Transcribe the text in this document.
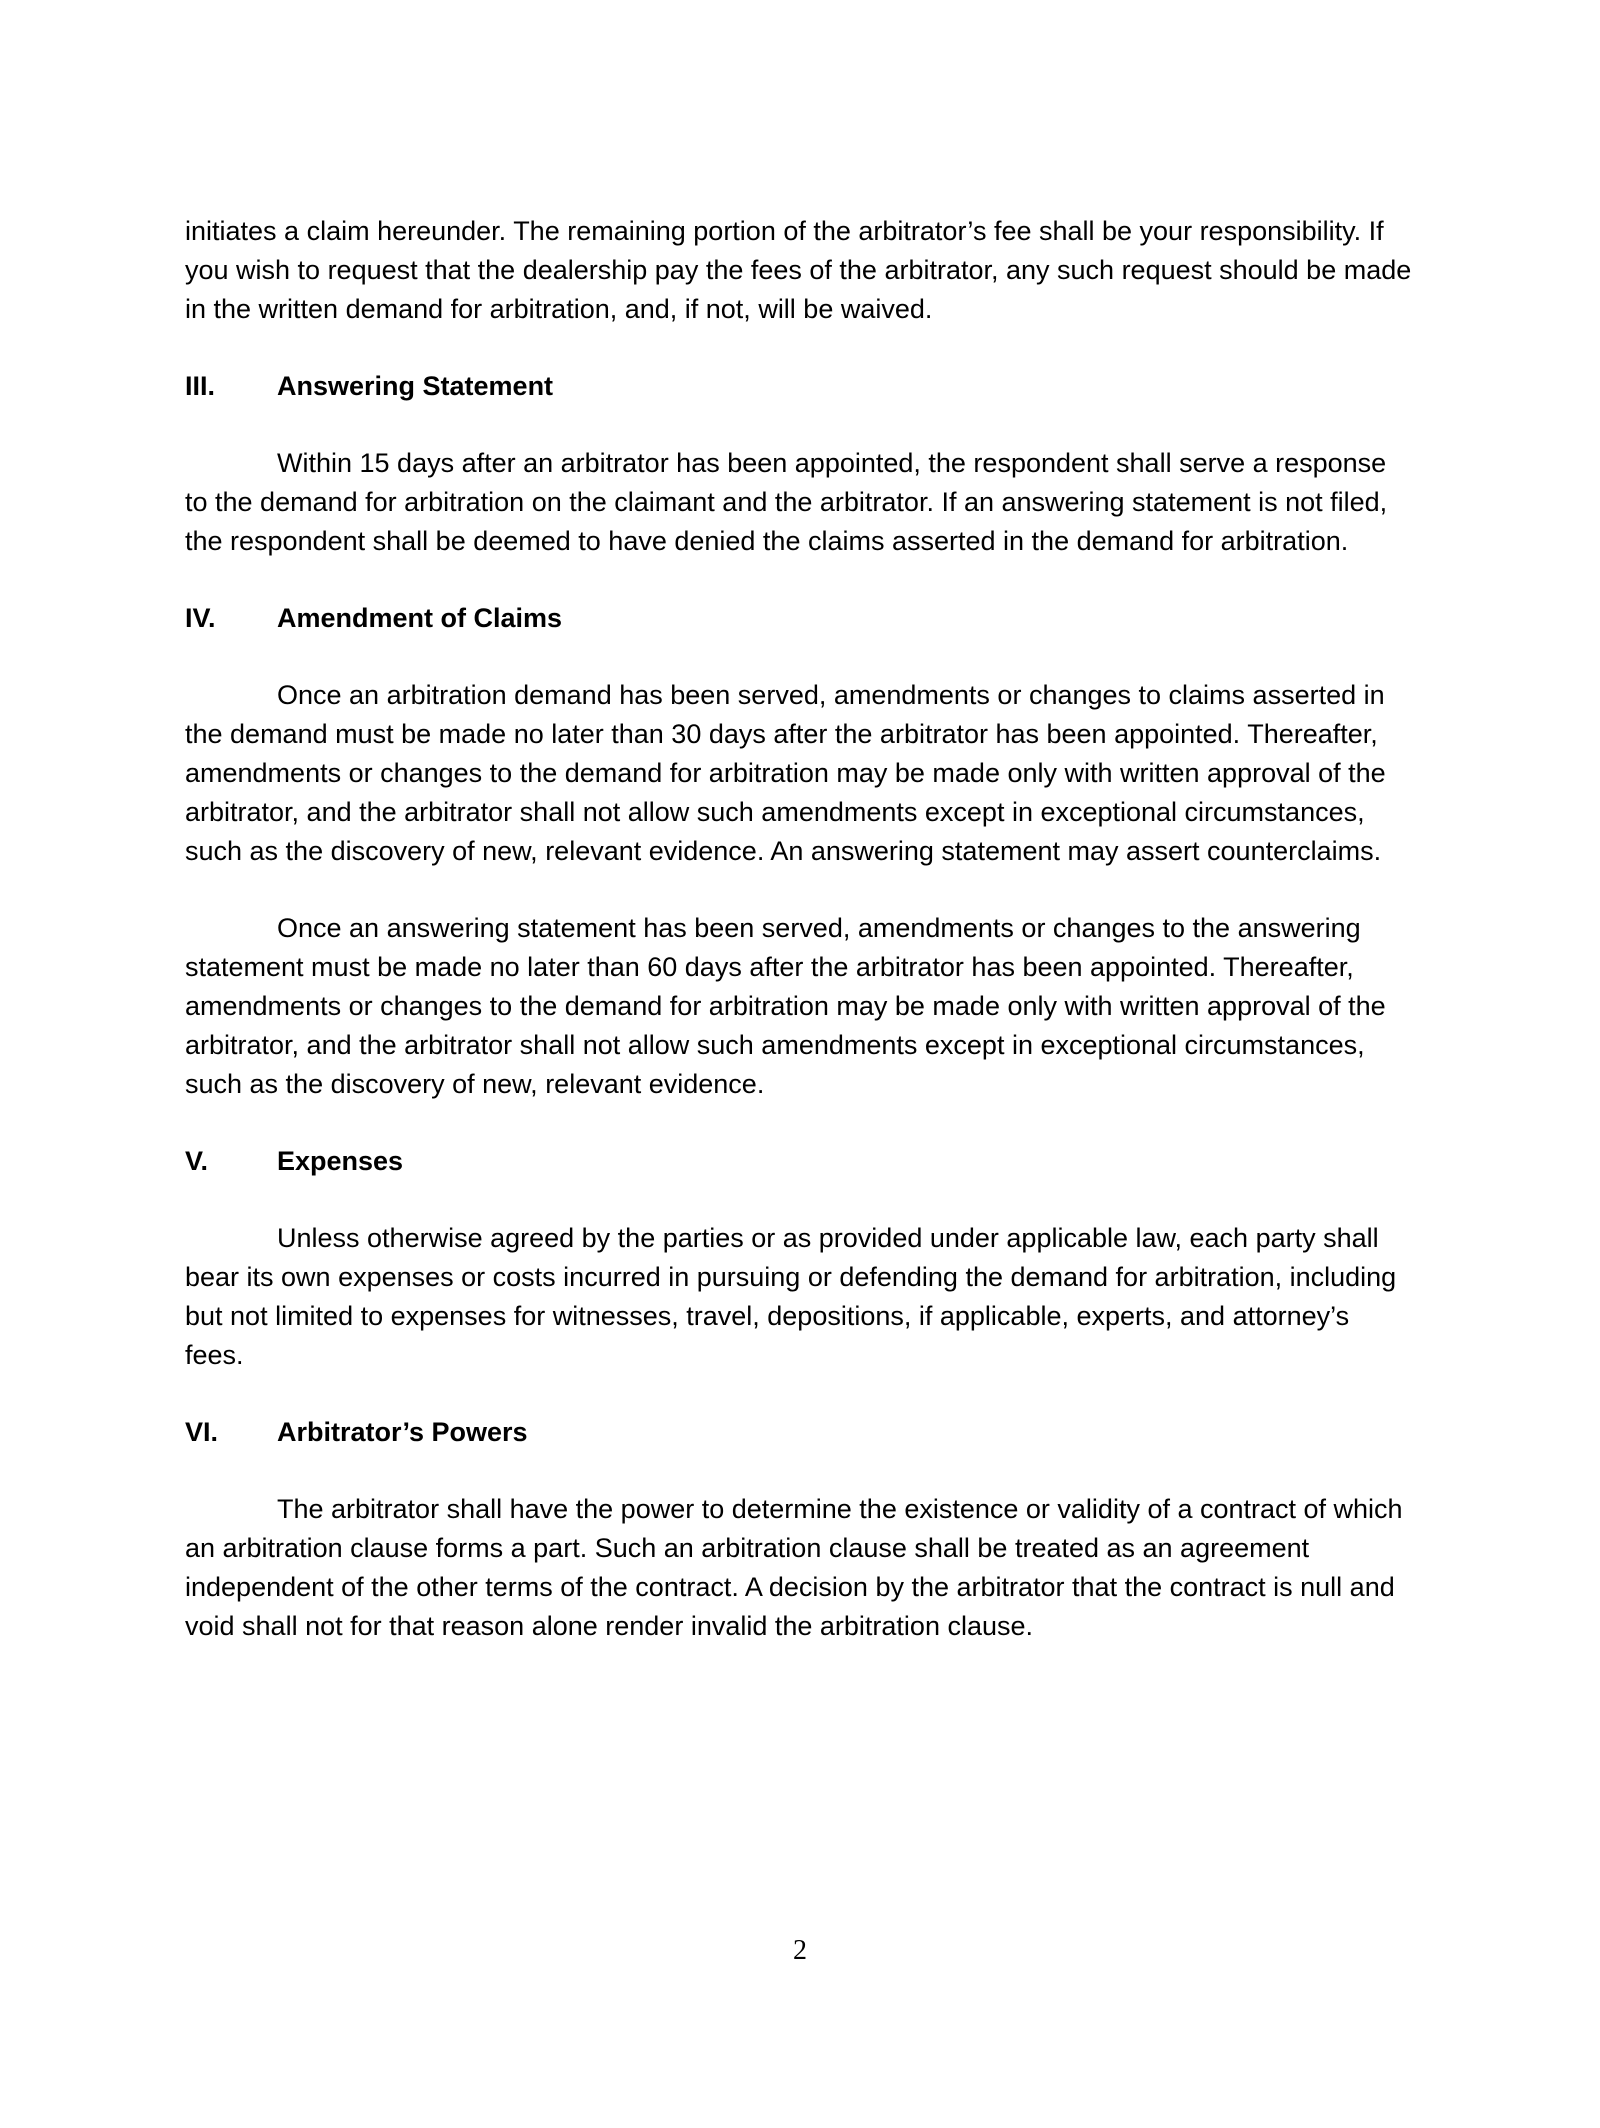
initiates a claim hereunder. The remaining portion of the arbitrator’s fee shall be your responsibility. If you wish to request that the dealership pay the fees of the arbitrator, any such request should be made in the written demand for arbitration, and, if not, will be waived.

III.	Answering Statement

Within 15 days after an arbitrator has been appointed, the respondent shall serve a response to the demand for arbitration on the claimant and the arbitrator. If an answering statement is not filed, the respondent shall be deemed to have denied the claims asserted in the demand for arbitration.

IV.	Amendment of Claims

Once an arbitration demand has been served, amendments or changes to claims asserted in the demand must be made no later than 30 days after the arbitrator has been appointed. Thereafter, amendments or changes to the demand for arbitration may be made only with written approval of the arbitrator, and the arbitrator shall not allow such amendments except in exceptional circumstances, such as the discovery of new, relevant evidence. An answering statement may assert counterclaims.

Once an answering statement has been served, amendments or changes to the answering statement must be made no later than 60 days after the arbitrator has been appointed. Thereafter, amendments or changes to the demand for arbitration may be made only with written approval of the arbitrator, and the arbitrator shall not allow such amendments except in exceptional circumstances, such as the discovery of new, relevant evidence.

V.	Expenses

Unless otherwise agreed by the parties or as provided under applicable law, each party shall bear its own expenses or costs incurred in pursuing or defending the demand for arbitration, including but not limited to expenses for witnesses, travel, depositions, if applicable, experts, and attorney’s fees.

VI.	Arbitrator’s Powers

The arbitrator shall have the power to determine the existence or validity of a contract of which an arbitration clause forms a part. Such an arbitration clause shall be treated as an agreement independent of the other terms of the contract. A decision by the arbitrator that the contract is null and void shall not for that reason alone render invalid the arbitration clause.

2
